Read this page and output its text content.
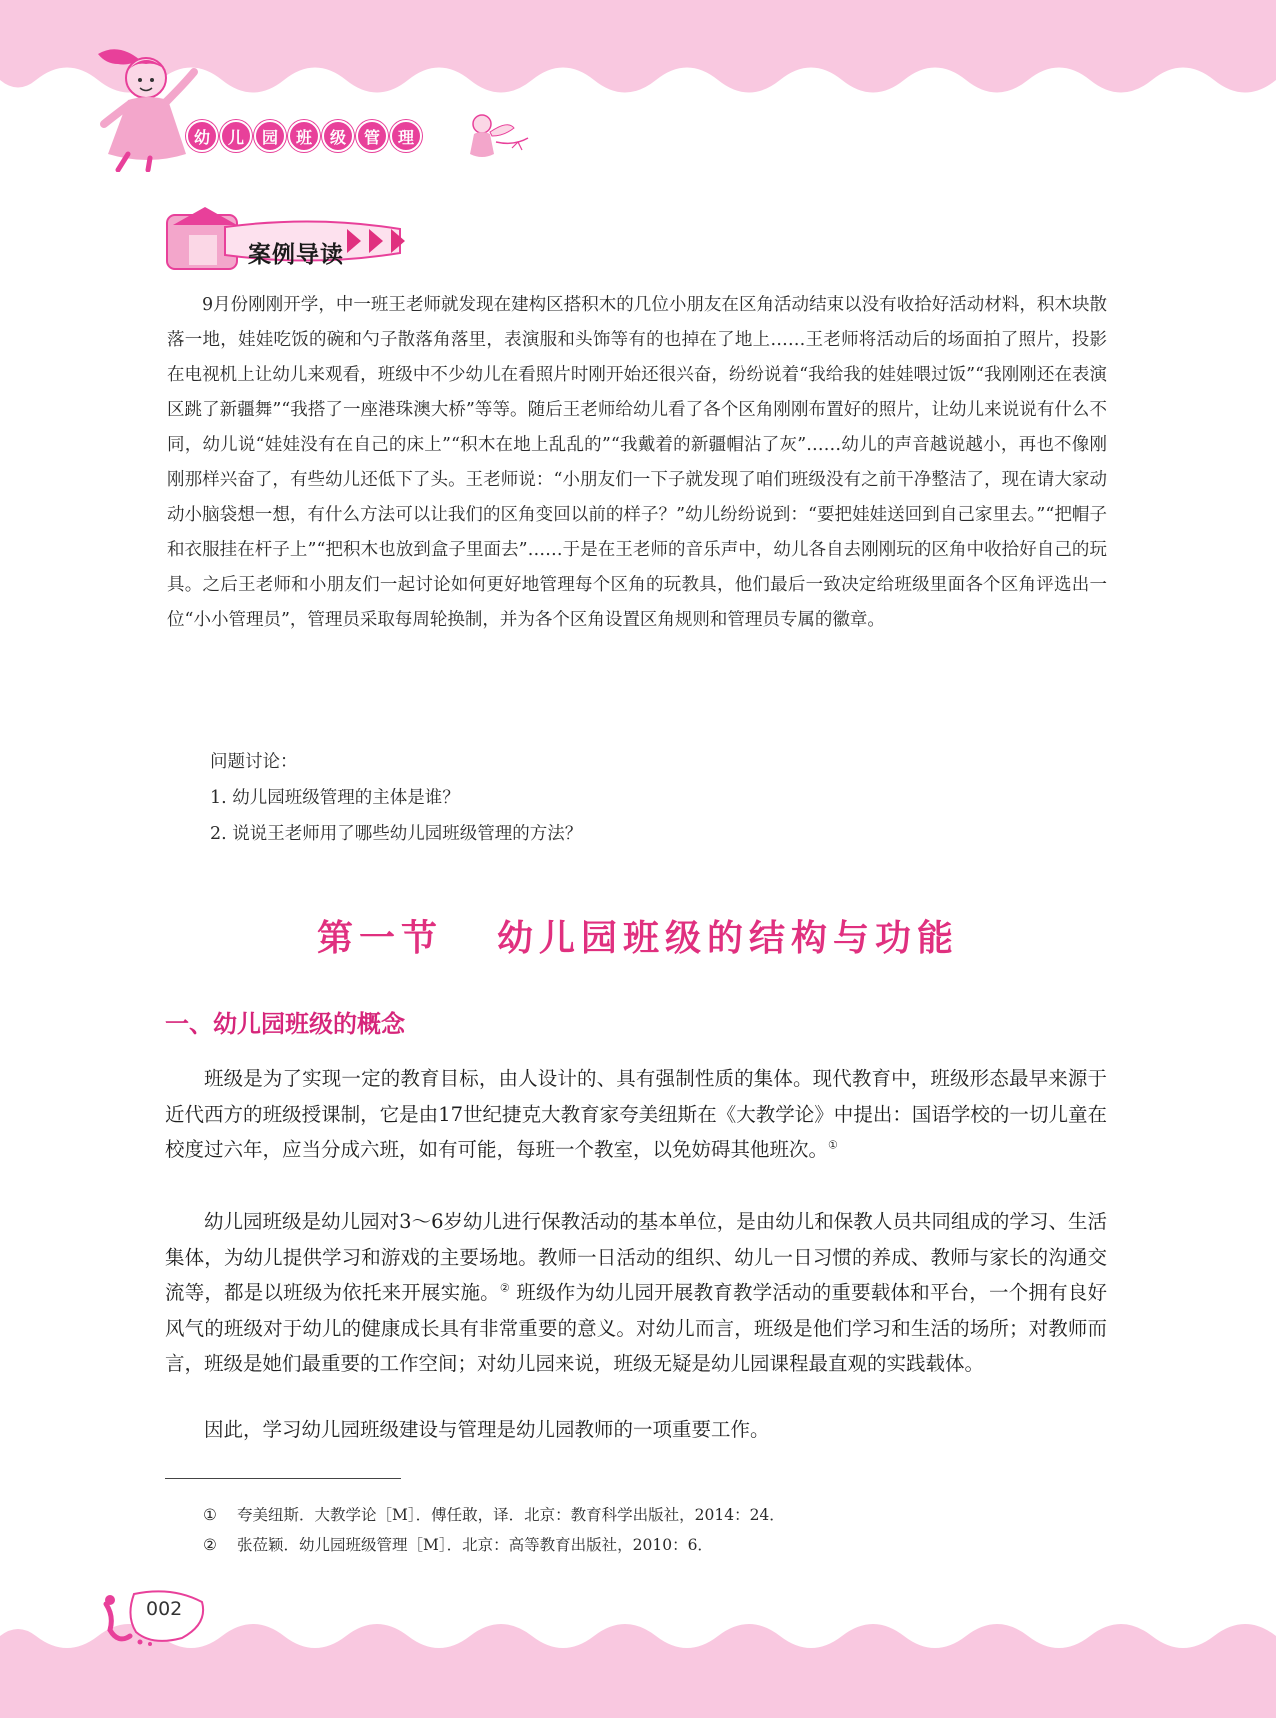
幼	儿	园	班	级	管	理
案例导读

9月份刚刚开学，中一班王老师就发现在建构区搭积木的几位小朋友在区角活动结束以没有收拾好活动材料，积木块散落一地，娃娃吃饭的碗和勺子散落角落里，表演服和头饰等有的也掉在了地上……王老师将活动后的场面拍了照片，投影在电视机上让幼儿来观看，班级中不少幼儿在看照片时刚开始还很兴奋，纷纷说着“我给我的娃娃喂过饭”“我刚刚还在表演区跳了新疆舞”“我搭了一座港珠澳大桥”等等。随后王老师给幼儿看了各个区角刚刚布置好的照片，让幼儿来说说有什么不同，幼儿说“娃娃没有在自己的床上”“积木在地上乱乱的”“我戴着的新疆帽沾了灰”……幼儿的声音越说越小，再也不像刚刚那样兴奋了，有些幼儿还低下了头。王老师说：“小朋友们一下子就发现了咱们班级没有之前干净整洁了，现在请大家动动小脑袋想一想，有什么方法可以让我们的区角变回以前的样子？”幼儿纷纷说到：“要把娃娃送回到自己家里去。”“把帽子和衣服挂在杆子上”“把积木也放到盒子里面去”……于是在王老师的音乐声中，幼儿各自去刚刚玩的区角中收拾好自己的玩具。之后王老师和小朋友们一起讨论如何更好地管理每个区角的玩教具，他们最后一致决定给班级里面各个区角评选出一位“小小管理员”，管理员采取每周轮换制，并为各个区角设置区角规则和管理员专属的徽章。

问题讨论：

1. 幼儿园班级管理的主体是谁？

2. 说说王老师用了哪些幼儿园班级管理的方法？

第一节 幼儿园班级的结构与功能
一、幼儿园班级的概念

班级是为了实现一定的教育目标，由人设计的、具有强制性质的集体。现代教育中，班级形态最早来源于近代西方的班级授课制，它是由17世纪捷克大教育家夸美纽斯在《大教学论》中提出：国语学校的一切儿童在校度过六年，应当分成六班，如有可能，每班一个教室，以免妨碍其他班次。①

幼儿园班级是幼儿园对3～6岁幼儿进行保教活动的基本单位，是由幼儿和保教人员共同组成的学习、生活集体，为幼儿提供学习和游戏的主要场地。教师一日活动的组织、幼儿一日习惯的养成、教师与家长的沟通交流等，都是以班级为依托来开展实施。② 班级作为幼儿园开展教育教学活动的重要载体和平台，一个拥有良好风气的班级对于幼儿的健康成长具有非常重要的意义。对幼儿而言，班级是他们学习和生活的场所；对教师而言，班级是她们最重要的工作空间；对幼儿园来说，班级无疑是幼儿园课程最直观的实践载体。

因此，学习幼儿园班级建设与管理是幼儿园教师的一项重要工作。

① 夸美纽斯．大教学论［M］．傅任敢，译．北京：教育科学出版社，2014：24．
② 张莅颖．幼儿园班级管理［M］．北京：高等教育出版社，2010：6．
002
